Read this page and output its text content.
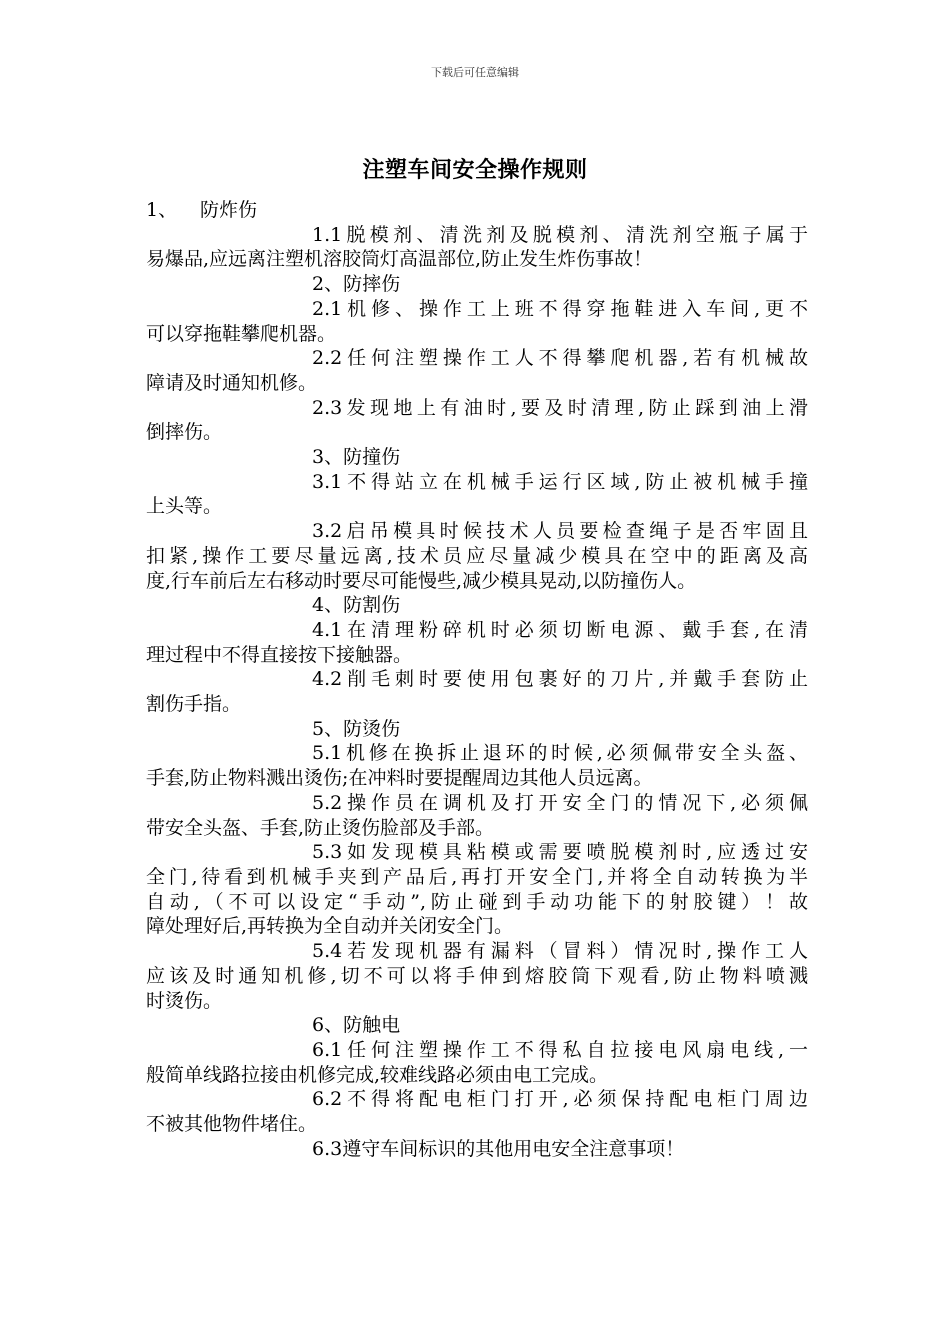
下载后可任意编辑
注塑车间安全操作规则
1、 防炸伤
1.1脱模剂、清洗剂及脱模剂、清洗剂空瓶子属于
易爆品,应远离注塑机溶胶筒灯高温部位,防止发生炸伤事故！
2、防摔伤
2.1机修、操作工上班不得穿拖鞋进入车间,更不
可以穿拖鞋攀爬机器。
2.2任何注塑操作工人不得攀爬机器,若有机械故
障请及时通知机修。
2.3发现地上有油时,要及时清理,防止踩到油上滑
倒摔伤。
3、防撞伤
3.1不得站立在机械手运行区域,防止被机械手撞
上头等。
3.2启吊模具时候技术人员要检查绳子是否牢固且
扣紧,操作工要尽量远离,技术员应尽量减少模具在空中的距离及高
度,行车前后左右移动时要尽可能慢些,减少模具晃动,以防撞伤人。
4、防割伤
4.1在清理粉碎机时必须切断电源、戴手套,在清
理过程中不得直接按下接触器。
4.2削毛刺时要使用包裹好的刀片,并戴手套防止
割伤手指。
5、防烫伤
5.1机修在换拆止退环的时候,必须佩带安全头盔、
手套,防止物料溅出烫伤;在冲料时要提醒周边其他人员远离。
5.2操作员在调机及打开安全门的情况下,必须佩
带安全头盔、手套,防止烫伤脸部及手部。
5.3如发现模具粘模或需要喷脱模剂时,应透过安
全门,待看到机械手夹到产品后,再打开安全门,并将全自动转换为半
自动,（不可以设定“手动”,防止碰到手动功能下的射胶键）！故
障处理好后,再转换为全自动并关闭安全门。
5.4若发现机器有漏料（冒料）情况时,操作工人
应该及时通知机修,切不可以将手伸到熔胶筒下观看,防止物料喷溅
时烫伤。
6、防触电
6.1任何注塑操作工不得私自拉接电风扇电线,一
般简单线路拉接由机修完成,较难线路必须由电工完成。
6.2不得将配电柜门打开,必须保持配电柜门周边
不被其他物件堵住。
6.3遵守车间标识的其他用电安全注意事项！
